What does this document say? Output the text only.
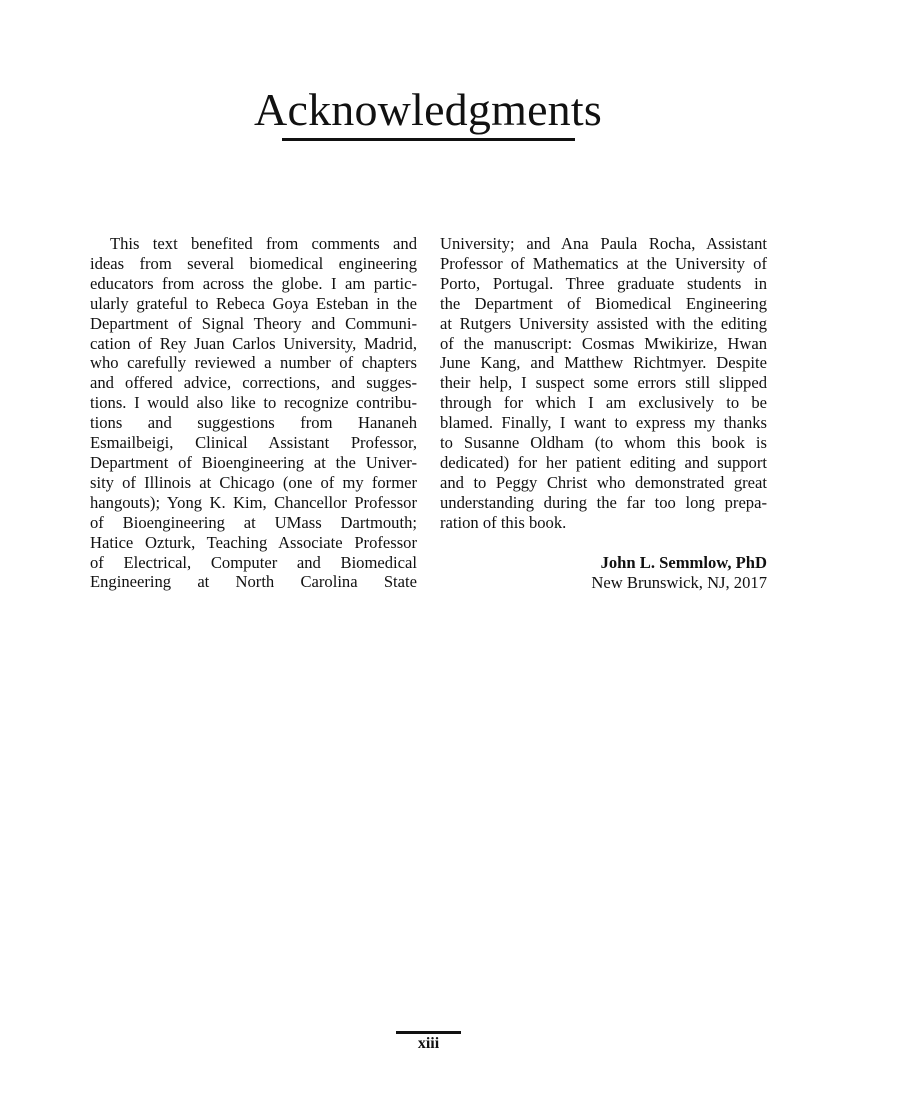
Acknowledgments

This text benefited from comments and
ideas from several biomedical engineering
educators from across the globe. I am partic-
ularly grateful to Rebeca Goya Esteban in the
Department of Signal Theory and Communi-
cation of Rey Juan Carlos University, Madrid,
who carefully reviewed a number of chapters
and offered advice, corrections, and sugges-
tions. I would also like to recognize contribu-
tions and suggestions from Hananeh
Esmailbeigi, Clinical Assistant Professor,
Department of Bioengineering at the Univer-
sity of Illinois at Chicago (one of my former
hangouts); Yong K. Kim, Chancellor Professor
of Bioengineering at UMass Dartmouth;
Hatice Ozturk, Teaching Associate Professor
of Electrical, Computer and Biomedical
Engineering at North Carolina State

University; and Ana Paula Rocha, Assistant
Professor of Mathematics at the University of
Porto, Portugal. Three graduate students in
the Department of Biomedical Engineering
at Rutgers University assisted with the editing
of the manuscript: Cosmas Mwikirize, Hwan
June Kang, and Matthew Richtmyer. Despite
their help, I suspect some errors still slipped
through for which I am exclusively to be
blamed. Finally, I want to express my thanks
to Susanne Oldham (to whom this book is
dedicated) for her patient editing and support
and to Peggy Christ who demonstrated great
understanding during the far too long prepa-
ration of this book.

John L. Semmlow, PhD
New Brunswick, NJ, 2017
xiii
